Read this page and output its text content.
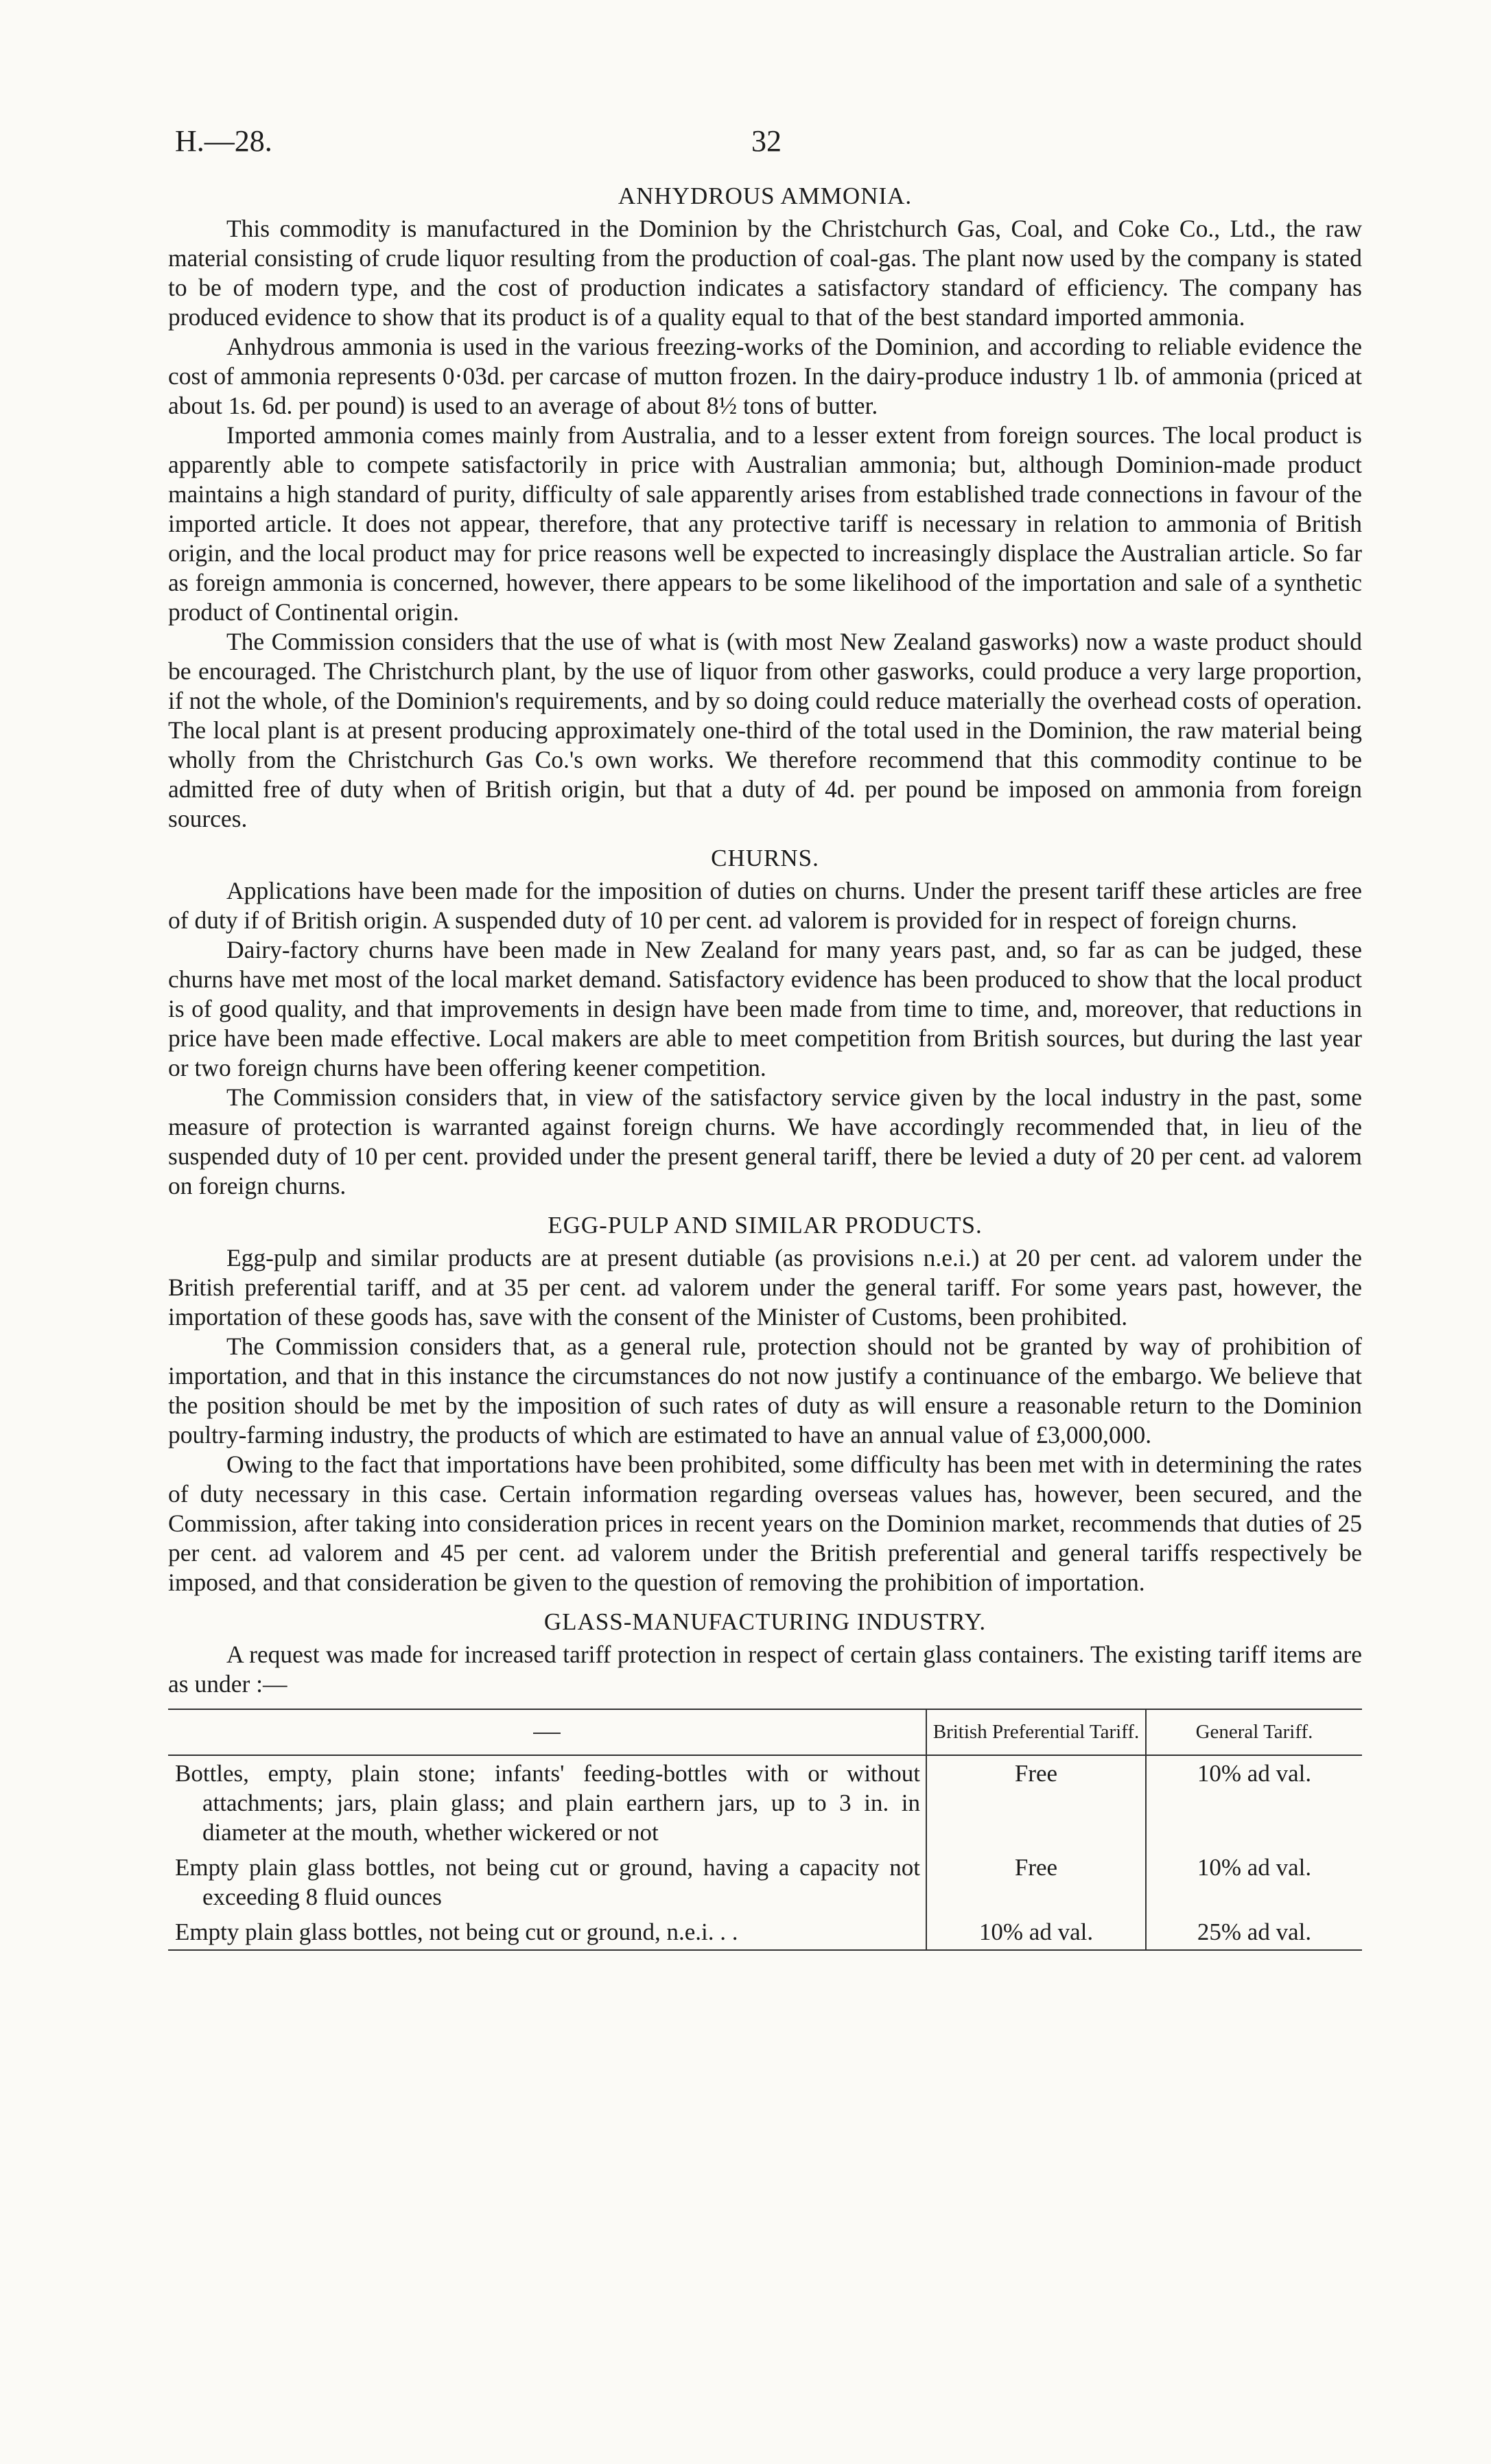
H.—28.	32
ANHYDROUS AMMONIA.

This commodity is manufactured in the Dominion by the Christchurch Gas, Coal, and Coke Co., Ltd., the raw material consisting of crude liquor resulting from the production of coal-gas. The plant now used by the company is stated to be of modern type, and the cost of production indicates a satisfactory standard of efficiency. The company has produced evidence to show that its product is of a quality equal to that of the best standard imported ammonia.

Anhydrous ammonia is used in the various freezing-works of the Dominion, and according to reliable evidence the cost of ammonia represents 0·03d. per carcase of mutton frozen. In the dairy-produce industry 1 lb. of ammonia (priced at about 1s. 6d. per pound) is used to an average of about 8½ tons of butter.

Imported ammonia comes mainly from Australia, and to a lesser extent from foreign sources. The local product is apparently able to compete satisfactorily in price with Australian ammonia; but, although Dominion-made product maintains a high standard of purity, difficulty of sale apparently arises from established trade connections in favour of the imported article. It does not appear, therefore, that any protective tariff is necessary in relation to ammonia of British origin, and the local product may for price reasons well be expected to increasingly displace the Australian article. So far as foreign ammonia is concerned, however, there appears to be some likelihood of the importation and sale of a synthetic product of Continental origin.

The Commission considers that the use of what is (with most New Zealand gasworks) now a waste product should be encouraged. The Christchurch plant, by the use of liquor from other gasworks, could produce a very large proportion, if not the whole, of the Dominion's requirements, and by so doing could reduce materially the overhead costs of operation. The local plant is at present producing approximately one-third of the total used in the Dominion, the raw material being wholly from the Christchurch Gas Co.'s own works. We therefore recommend that this commodity continue to be admitted free of duty when of British origin, but that a duty of 4d. per pound be imposed on ammonia from foreign sources.

CHURNS.

Applications have been made for the imposition of duties on churns. Under the present tariff these articles are free of duty if of British origin. A suspended duty of 10 per cent. ad valorem is provided for in respect of foreign churns.

Dairy-factory churns have been made in New Zealand for many years past, and, so far as can be judged, these churns have met most of the local market demand. Satisfactory evidence has been produced to show that the local product is of good quality, and that improvements in design have been made from time to time, and, moreover, that reductions in price have been made effective. Local makers are able to meet competition from British sources, but during the last year or two foreign churns have been offering keener competition.

The Commission considers that, in view of the satisfactory service given by the local industry in the past, some measure of protection is warranted against foreign churns. We have accordingly recommended that, in lieu of the suspended duty of 10 per cent. provided under the present general tariff, there be levied a duty of 20 per cent. ad valorem on foreign churns.

EGG-PULP AND SIMILAR PRODUCTS.

Egg-pulp and similar products are at present dutiable (as provisions n.e.i.) at 20 per cent. ad valorem under the British preferential tariff, and at 35 per cent. ad valorem under the general tariff. For some years past, however, the importation of these goods has, save with the consent of the Minister of Customs, been prohibited.

The Commission considers that, as a general rule, protection should not be granted by way of prohibition of importation, and that in this instance the circumstances do not now justify a continuance of the embargo. We believe that the position should be met by the imposition of such rates of duty as will ensure a reasonable return to the Dominion poultry-farming industry, the products of which are estimated to have an annual value of £3,000,000.

Owing to the fact that importations have been prohibited, some difficulty has been met with in determining the rates of duty necessary in this case. Certain information regarding overseas values has, however, been secured, and the Commission, after taking into consideration prices in recent years on the Dominion market, recommends that duties of 25 per cent. ad valorem and 45 per cent. ad valorem under the British preferential and general tariffs respectively be imposed, and that consideration be given to the question of removing the prohibition of importation.

GLASS-MANUFACTURING INDUSTRY.

A request was made for increased tariff protection in respect of certain glass containers. The existing tariff items are as under :—

	British Preferential Tariff.	General Tariff.
Bottles, empty, plain stone; infants' feeding-bottles with or without attachments; jars, plain glass; and plain earthern jars, up to 3 in. in diameter at the mouth, whether wickered or not	Free	10% ad val.
Empty plain glass bottles, not being cut or ground, having a capacity not exceeding 8 fluid ounces	Free	10% ad val.
Empty plain glass bottles, not being cut or ground, n.e.i. . .	10% ad val.	25% ad val.
